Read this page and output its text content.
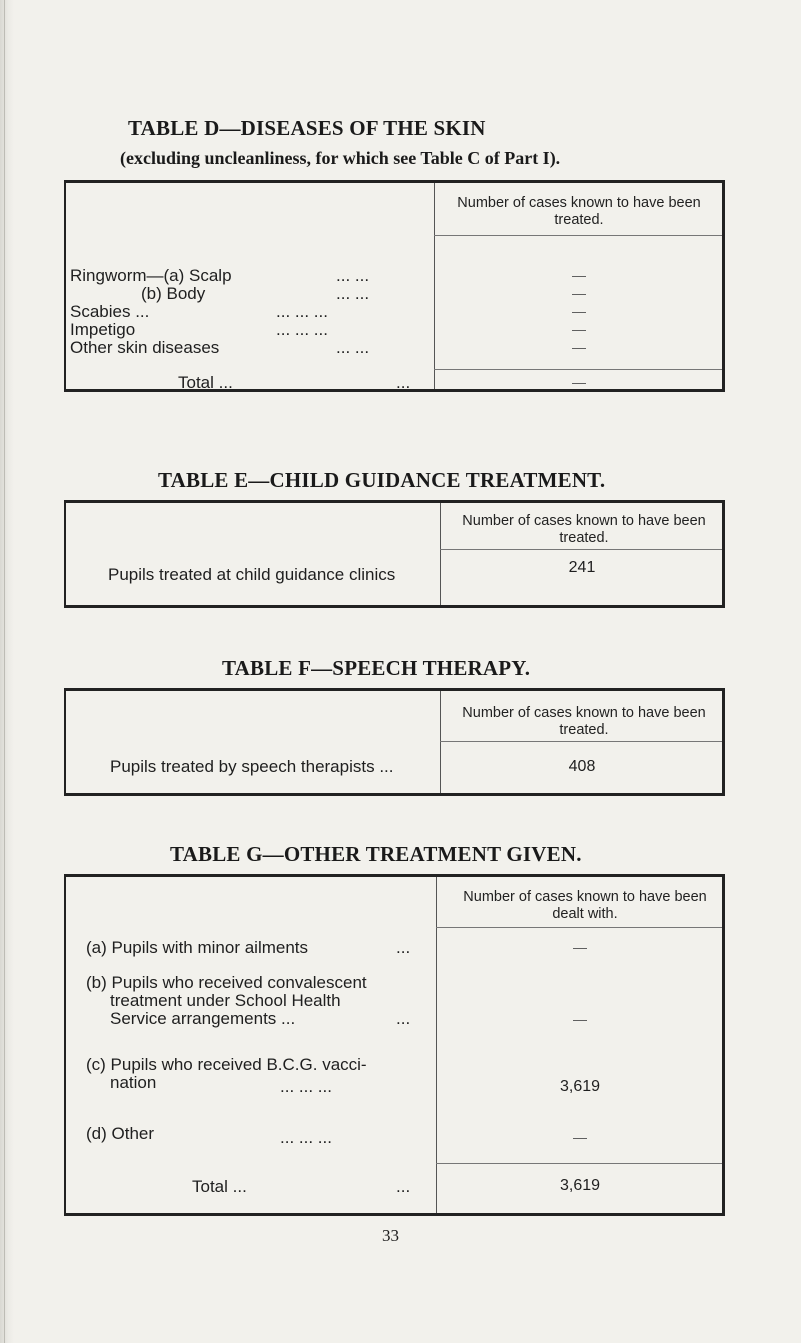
TABLE D—DISEASES OF THE SKIN

(excluding uncleanliness, for which see Table C of Part I).

Number of cases known to have been treated.
Ringworm—(a) Scalp	... ...	—
(b) Body	... ...	—
Scabies ...	... ... ...	—
Impetigo	... ... ...	—
Other skin diseases	... ...	—
Total ...	...	—
TABLE E—CHILD GUIDANCE TREATMENT.
Number of cases known to have been treated.
Pupils treated at child guidance clinics	241
TABLE F—SPEECH THERAPY.
Number of cases known to have been treated.
Pupils treated by speech therapists ...	408
TABLE G—OTHER TREATMENT GIVEN.
Number of cases known to have been dealt with.
(a) Pupils with minor ailments	...	—
(b) Pupils who received convalescent
treatment under School Health
Service arrangements ...	...	—
(c) Pupils who received B.C.G. vacci-
nation	... ... ...	3,619
(d) Other	... ... ...	—
Total ...	...	3,619
33
